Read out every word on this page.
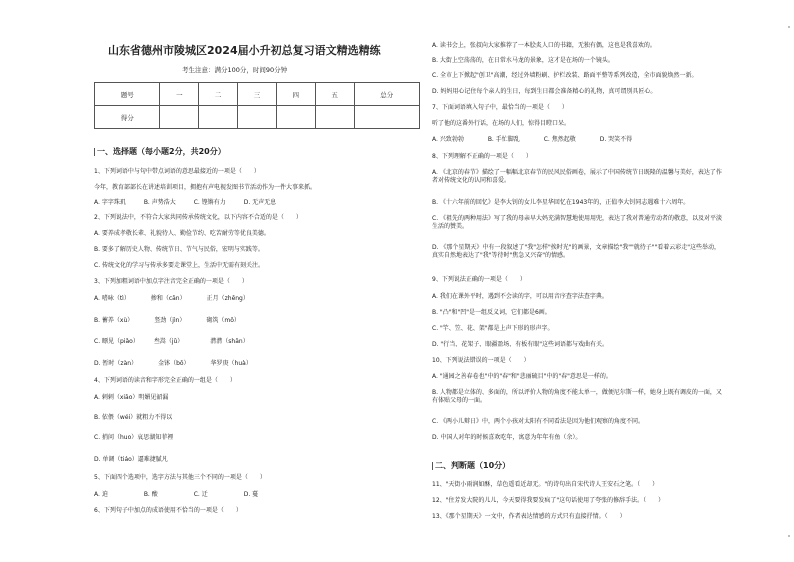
山东省德州市陵城区2024届小升初总复习语文精选精练
考生注意：满分100分，时间90分钟
题号	一	二	三	四	五	总分
得分						
一、选择题（每小题2分，共20分）
1、下列词语中与句中带点词语的意思最接近的一项是（　　）
今年，教育部部长在讲述培训项目，拥抱有声电视发图书节活动作为一件大事来抓。
A. 字字珠玑　　　B. 声势浩大　　　C. 铿锵有力　　　D. 无声无息
2、下列说法中，不符合大家共同传承传统文化，以下内容不合适的是（　　）
A. 要养成孝敬长辈、礼貌待人、勤俭节约、吃苦耐劳等优良美德。
B. 要多了解历史人物、传统节日、节气与民俗，宏明与实践等。
C. 传统文化的学习与传承多要走课堂上，生活中无需有刻关注。
3、下列加粗词语中加点字注音完全正确的一项是（　　）
A. 嗜咏（tì）　　　　掺和（cān）　　　　正月（zhēng）
B. 蓄养（xù）　　　　竖劲（jìn）　　　　砌筑（mō）
C. 瞟见（piǎo）　　　叁嵩（jǔ）　　　　　潸潸（shān）
D. 暂时（zàn）　　　　金钵（bō）　　　　华罗庚（huà）
4、下列词语的读音和字形完全正确的一组是（　　）
A. 刺刺（xiāo）明媚见韶漏
B. 依偎（wéi）就粗力不得以
C. 捎问（huo）哀思湖知菲裡
D. 单调（tiáo）逼难捷腻凡
5、下面四个选项中，选字方法与其他三个不同的一项是（　　）
A. 迫　　　　　　B. 酸　　　　　　C. 迁　　　　　　D. 蔓
6、下列句子中加点的成语使用不恰当的一项是（　　）
A. 读书会上，张叔向大家推荐了一本脍炙人口的书籍，无独有偶，这也是我喜欢的。
B. 大街上空荡荡的，在日常水马龙的景象，这才是在场的一个镜头。
C. 全市上下掀起"创卫"高潮，经过外墙粉刷、护栏改装、路面平整等系列改造，全市面貌焕然一新。
D. 妈妈用心记住每个亲人的生日，每到生日都会准备精心的礼物，真可谓别具匠心。
7、下面词语填入句子中，最恰当的一项是（　　）
听了他的这番外行话，在场的人们，惊得目瞪口呆。
A. 兴致勃勃　　　　B. 手忙脚乱　　　　C. 焦然起敬　　　　D. 哭笑不得
8、下列理解不正确的一项是（　　）
A. 《北京的春节》描绘了一幅幅北京春节的民风民俗画卷，展示了中国传统节日既隆的温馨与美好，表达了作者对传统文化的认同和喜爱。
B. 《十六年前的回忆》是李大钊的女儿李星华回忆在1943年的，正值李大钊同志遇难十六周年。
C. 《祖先的两种用法》写了我的母亲早大妈充满智慧地使用用兜，表达了我对普通劳动者的敬意，以及对平淡生活的赞美。
D. 《那个星期天》中有一段叙述了"我"怎样"挨时光"的画景，文章描绘"我""就待子""看着云彩走"这些举动，真实自然地表达了"我"等待时"焦急又兴奋"的情感。
9、下列说法正确的一项是（　　）
A. 我们在课外平时，遇到不会读的字，可以用音序查字法查字典。
B. "凸"和"凹"是一组反义词，它们都是6画。
C. "竿、笠、花、架"都是上声下形的形声字。
D. "行当、花架子、眼疆盈场、有板有眼"这些词语都与戏曲有关。
10、下列说法错误的一项是（　　）
A. "通园之善春卷也"中的"春"和"悲丽硫目"中的"春"意思是一样的。
B. 人物都是立体的、多面的，所以评价人物的角度不能太单一，做便尼尔斯一样，她身上既有调皮的一面，又有体贴父母的一面。
C. 《两小儿辩日》中，两个小孩对太阳有不同看法是因为他们观察的角度不同。
D. 中国人对年的时候喜欢吃年，寓意为年年有鱼（余）。
二、判断题（10分）
11、"天街小雨润如酥，草色遥看近却无。"的诗句出自宋代诗人王安石之笔。（　　）
12、"住芳发大院的儿儿，今天要得我要发疯了"这句话使用了夸张的修辞手法。（　　）
13、《那个星期天》一文中，作者表达情感的方式只有直接抒情。（　　）
